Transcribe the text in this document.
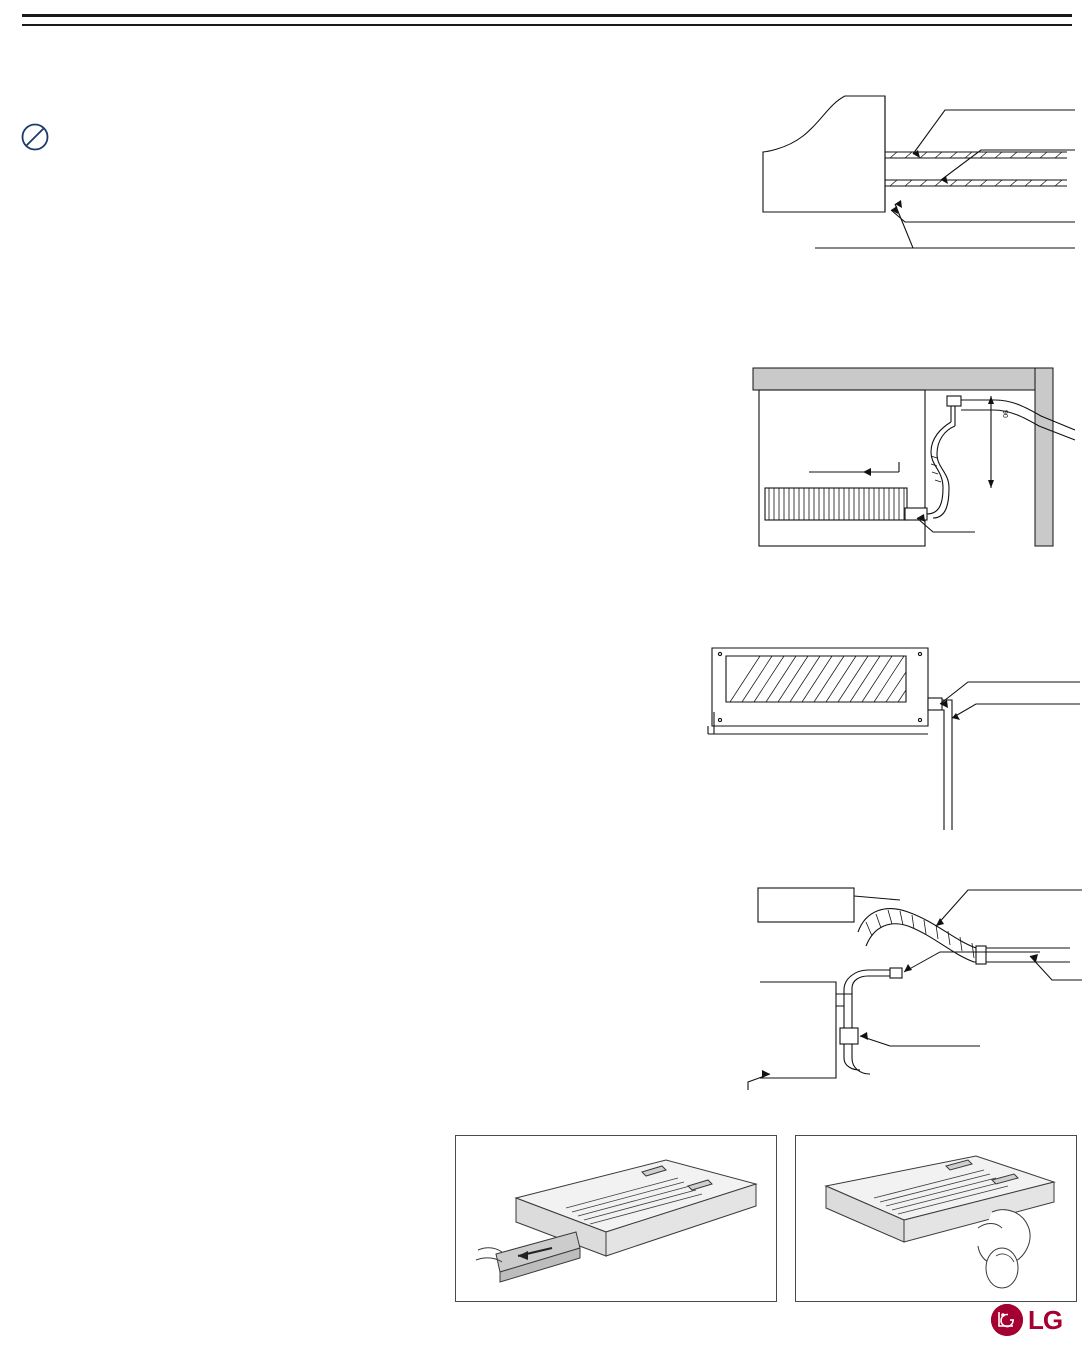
90
LG
